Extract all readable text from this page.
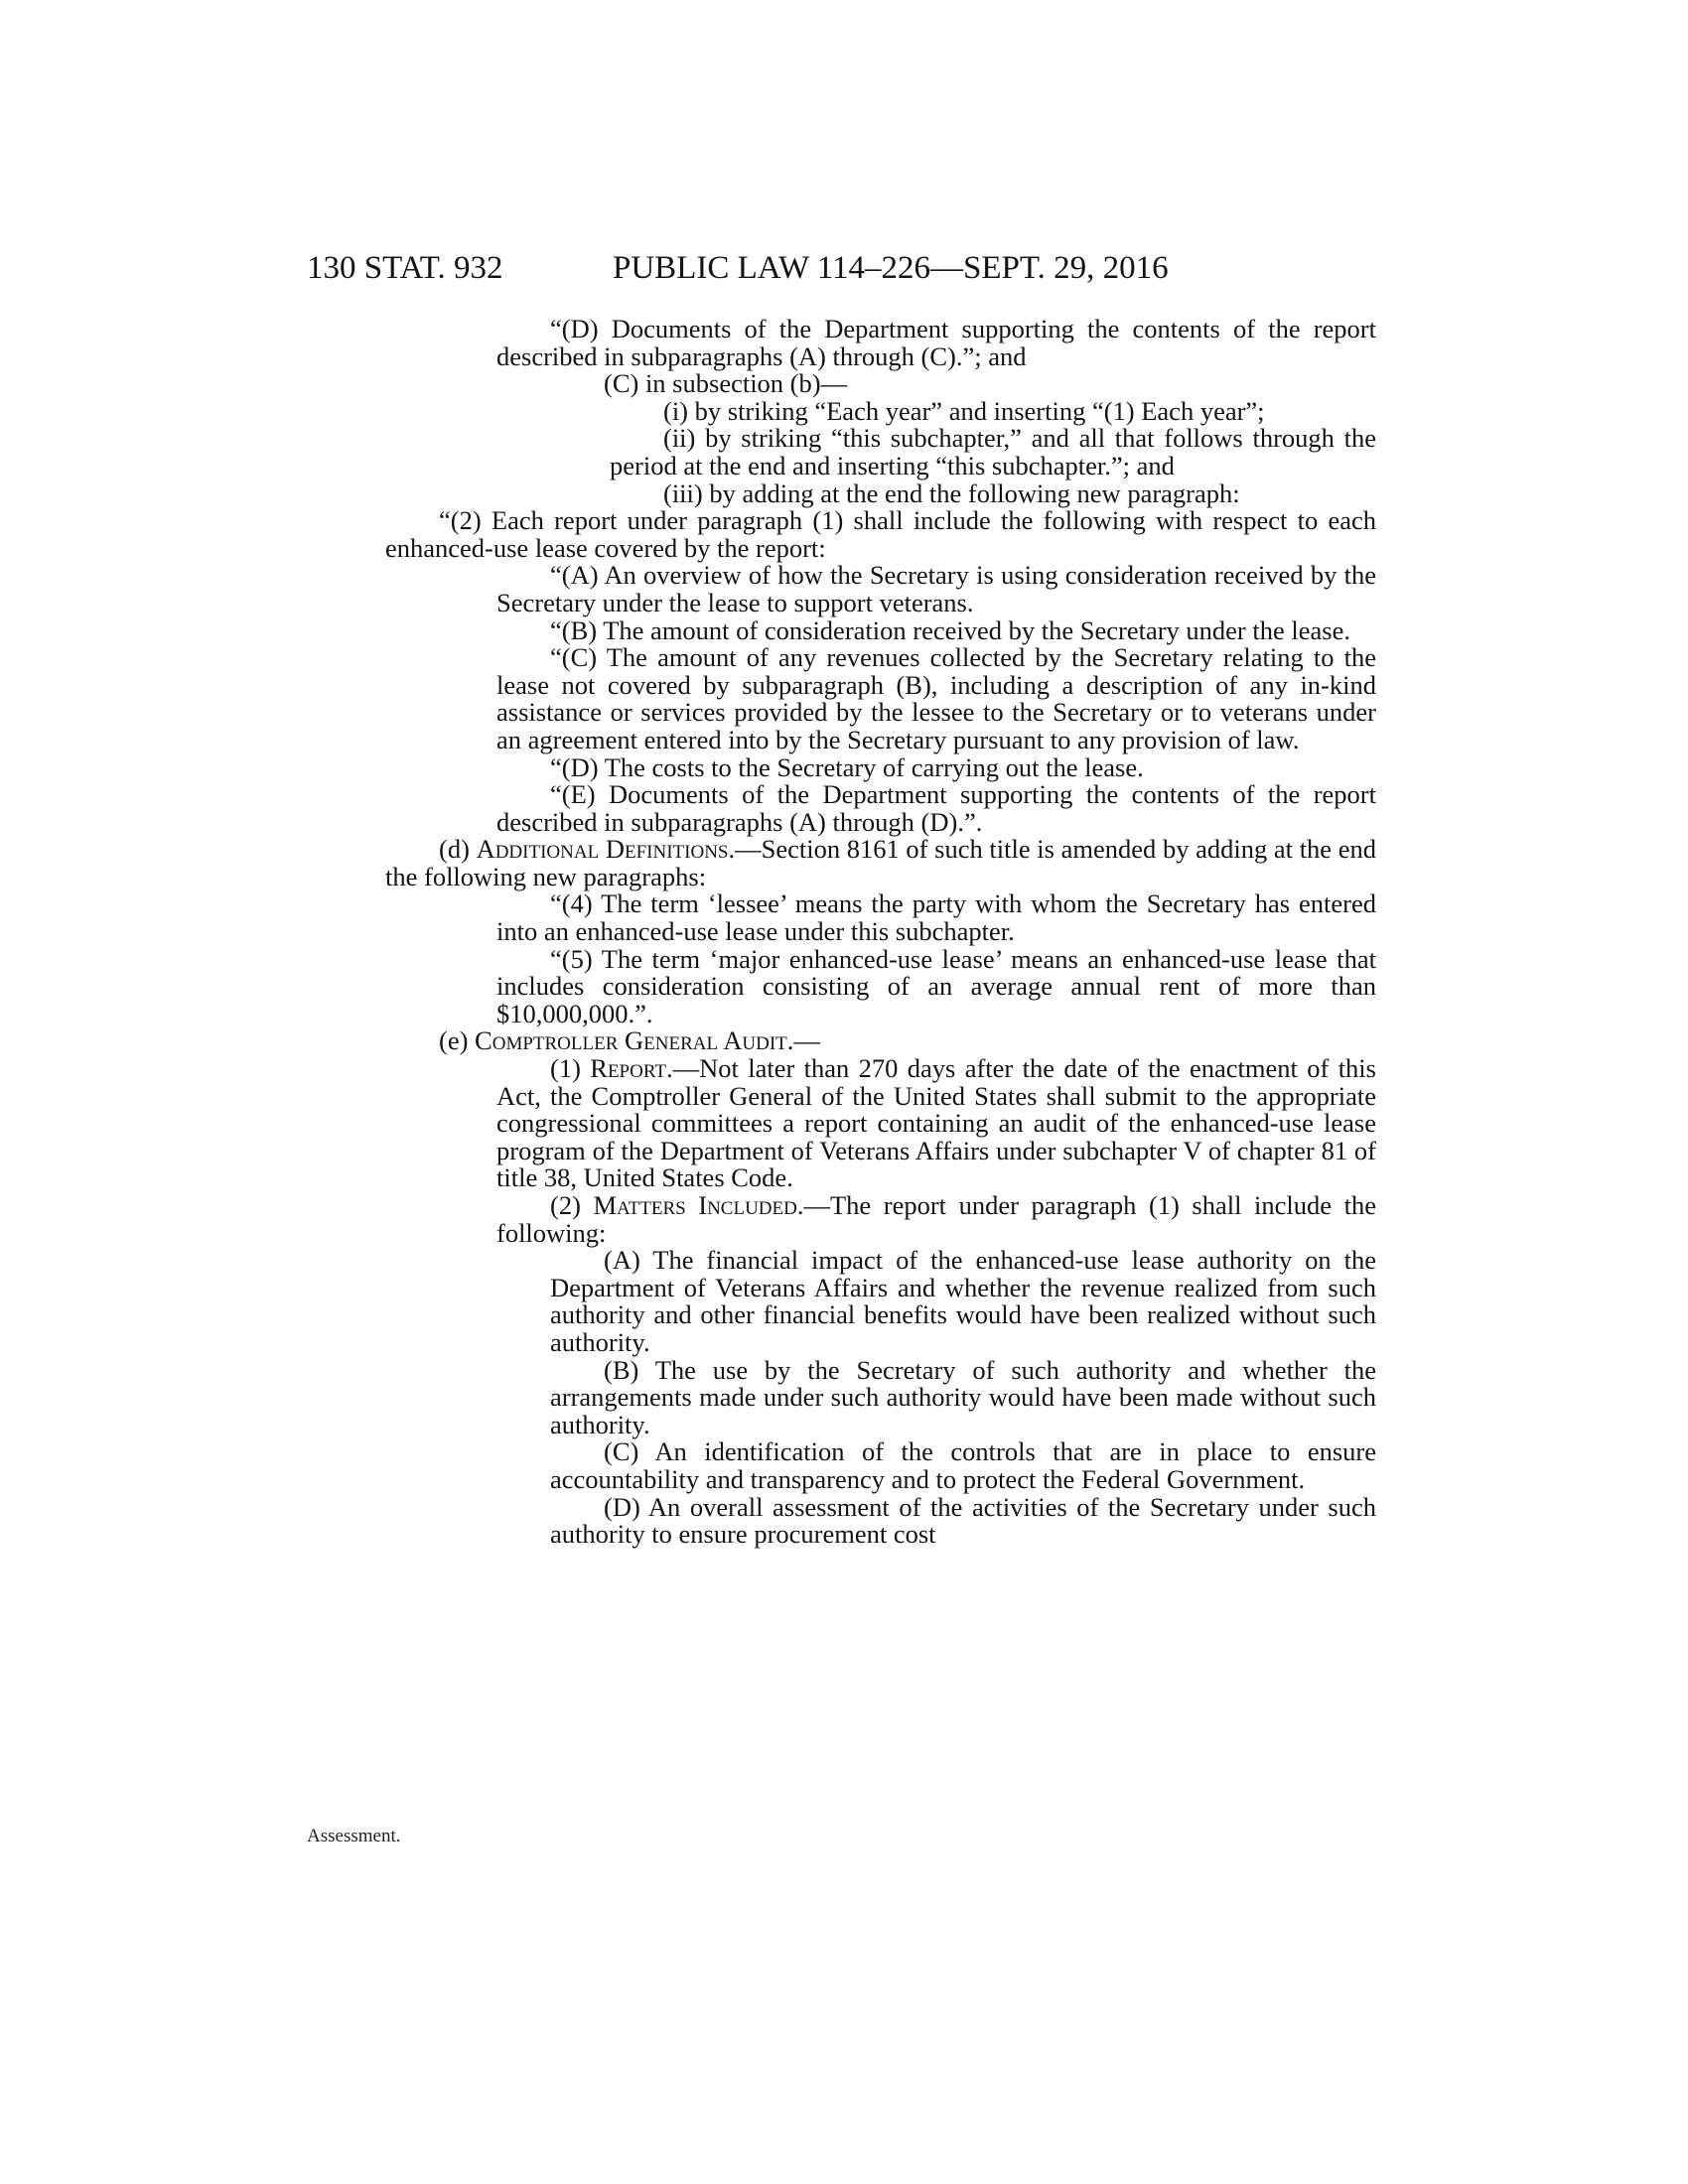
130 STAT. 932	PUBLIC LAW 114–226—SEPT. 29, 2016
Assessment.

“(D) Documents of the Department supporting the contents of the report described in subparagraphs (A) through (C).”; and

(C) in subsection (b)—

(i) by striking “Each year” and inserting “(1) Each year”;

(ii) by striking “this subchapter,” and all that follows through the period at the end and inserting “this subchapter.”; and

(iii) by adding at the end the following new paragraph:

“(2) Each report under paragraph (1) shall include the following with respect to each enhanced-use lease covered by the report:

“(A) An overview of how the Secretary is using consideration received by the Secretary under the lease to support veterans.

“(B) The amount of consideration received by the Secretary under the lease.

“(C) The amount of any revenues collected by the Secretary relating to the lease not covered by subparagraph (B), including a description of any in-kind assistance or services provided by the lessee to the Secretary or to veterans under an agreement entered into by the Secretary pursuant to any provision of law.

“(D) The costs to the Secretary of carrying out the lease.

“(E) Documents of the Department supporting the contents of the report described in subparagraphs (A) through (D).”.

(d) Additional Definitions.—Section 8161 of such title is amended by adding at the end the following new paragraphs:

“(4) The term ‘lessee’ means the party with whom the Secretary has entered into an enhanced-use lease under this subchapter.

“(5) The term ‘major enhanced-use lease’ means an enhanced-use lease that includes consideration consisting of an average annual rent of more than $10,000,000.”.

(e) Comptroller General Audit.—

(1) Report.—Not later than 270 days after the date of the enactment of this Act, the Comptroller General of the United States shall submit to the appropriate congressional committees a report containing an audit of the enhanced-use lease program of the Department of Veterans Affairs under subchapter V of chapter 81 of title 38, United States Code.

(2) Matters Included.—The report under paragraph (1) shall include the following:

(A) The financial impact of the enhanced-use lease authority on the Department of Veterans Affairs and whether the revenue realized from such authority and other financial benefits would have been realized without such authority.

(B) The use by the Secretary of such authority and whether the arrangements made under such authority would have been made without such authority.

(C) An identification of the controls that are in place to ensure accountability and transparency and to protect the Federal Government.

(D) An overall assessment of the activities of the Secretary under such authority to ensure procurement cost
